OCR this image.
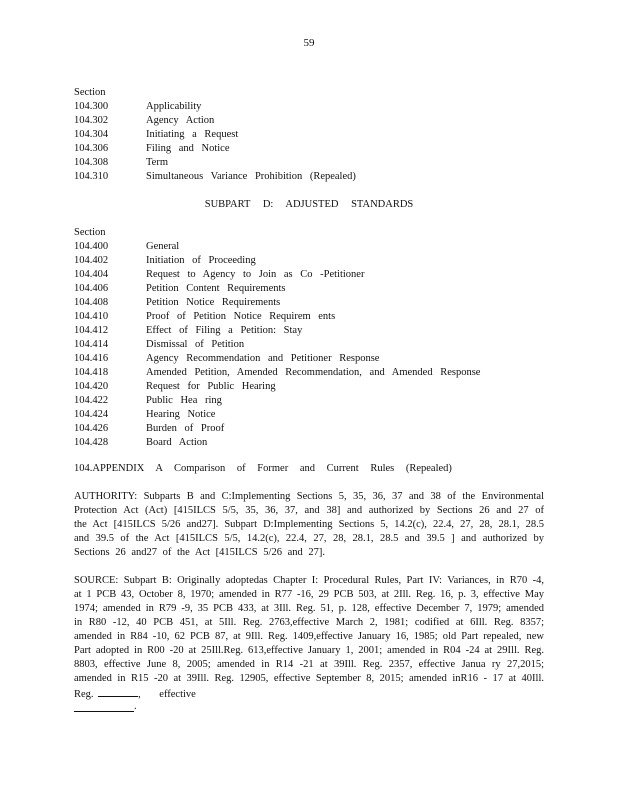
59
Section
104.300	Applicability
104.302	Agency Action
104.304	Initiating a Request
104.306	Filing and Notice
104.308	Term
104.310	Simultaneous Variance Prohibition (Repealed)
SUBPART D: ADJUSTED STANDARDS
Section
104.400	General
104.402	Initiation of Proceeding
104.404	Request to Agency to Join as Co -Petitioner
104.406	Petition Content Requirements
104.408	Petition Notice Requirements
104.410	Proof of Petition Notice Requirem ents
104.412	Effect of Filing a Petition: Stay
104.414	Dismissal of Petition
104.416	Agency Recommendation and Petitioner Response
104.418	Amended Petition, Amended Recommendation, and Amended Response
104.420	Request for Public Hearing
104.422	Public Hea ring
104.424	Hearing Notice
104.426	Burden of Proof
104.428	Board Action
104.APPENDIX A Comparison of Former and Current Rules (Repealed)
AUTHORITY: Subparts B and C:Implementing Sections 5, 35, 36, 37 and 38 of the Environmental Protection Act (Act) [415ILCS 5/5, 35, 36, 37, and 38] and authorized by Sections 26 and 27 of the Act [415ILCS 5/26 and27]. Subpart D:Implementing Sections 5, 14.2(c), 22.4, 27, 28, 28.1, 28.5 and 39.5 of the Act [415ILCS 5/5, 14.2(c), 22.4, 27, 28, 28.1, 28.5 and 39.5 ] and authorized by Sections 26 and27 of the Act [415ILCS 5/26 and 27].
SOURCE: Subpart B: Originally adoptedas Chapter I: Procedural Rules, Part IV: Variances, in R70 -4, at 1 PCB 43, October 8, 1970; amended in R77 -16, 29 PCB 503, at 2Ill. Reg. 16, p. 3, effective May 1974; amended in R79 -9, 35 PCB 433, at 3Ill. Reg. 51, p. 128, effective December 7, 1979; amended in R80 -12, 40 PCB 451, at 5Ill. Reg. 2763,effective March 2, 1981; codified at 6Ill. Reg. 8357; amended in R84 -10, 62 PCB 87, at 9Ill. Reg. 1409,effective January 16, 1985; old Part repealed, new Part adopted in R00 -20 at 25Ill.Reg. 613,effective January 1, 2001; amended in R04 -24 at 29Ill. Reg. 8803, effective June 8, 2005; amended in R14 -21 at 39Ill. Reg. 2357, effective Janua ry 27,2015; amended in R15 -20 at 39Ill. Reg. 12905, effective September 8, 2015; amended inR16 - 17 at 40Ill. Reg.	, effective
.
